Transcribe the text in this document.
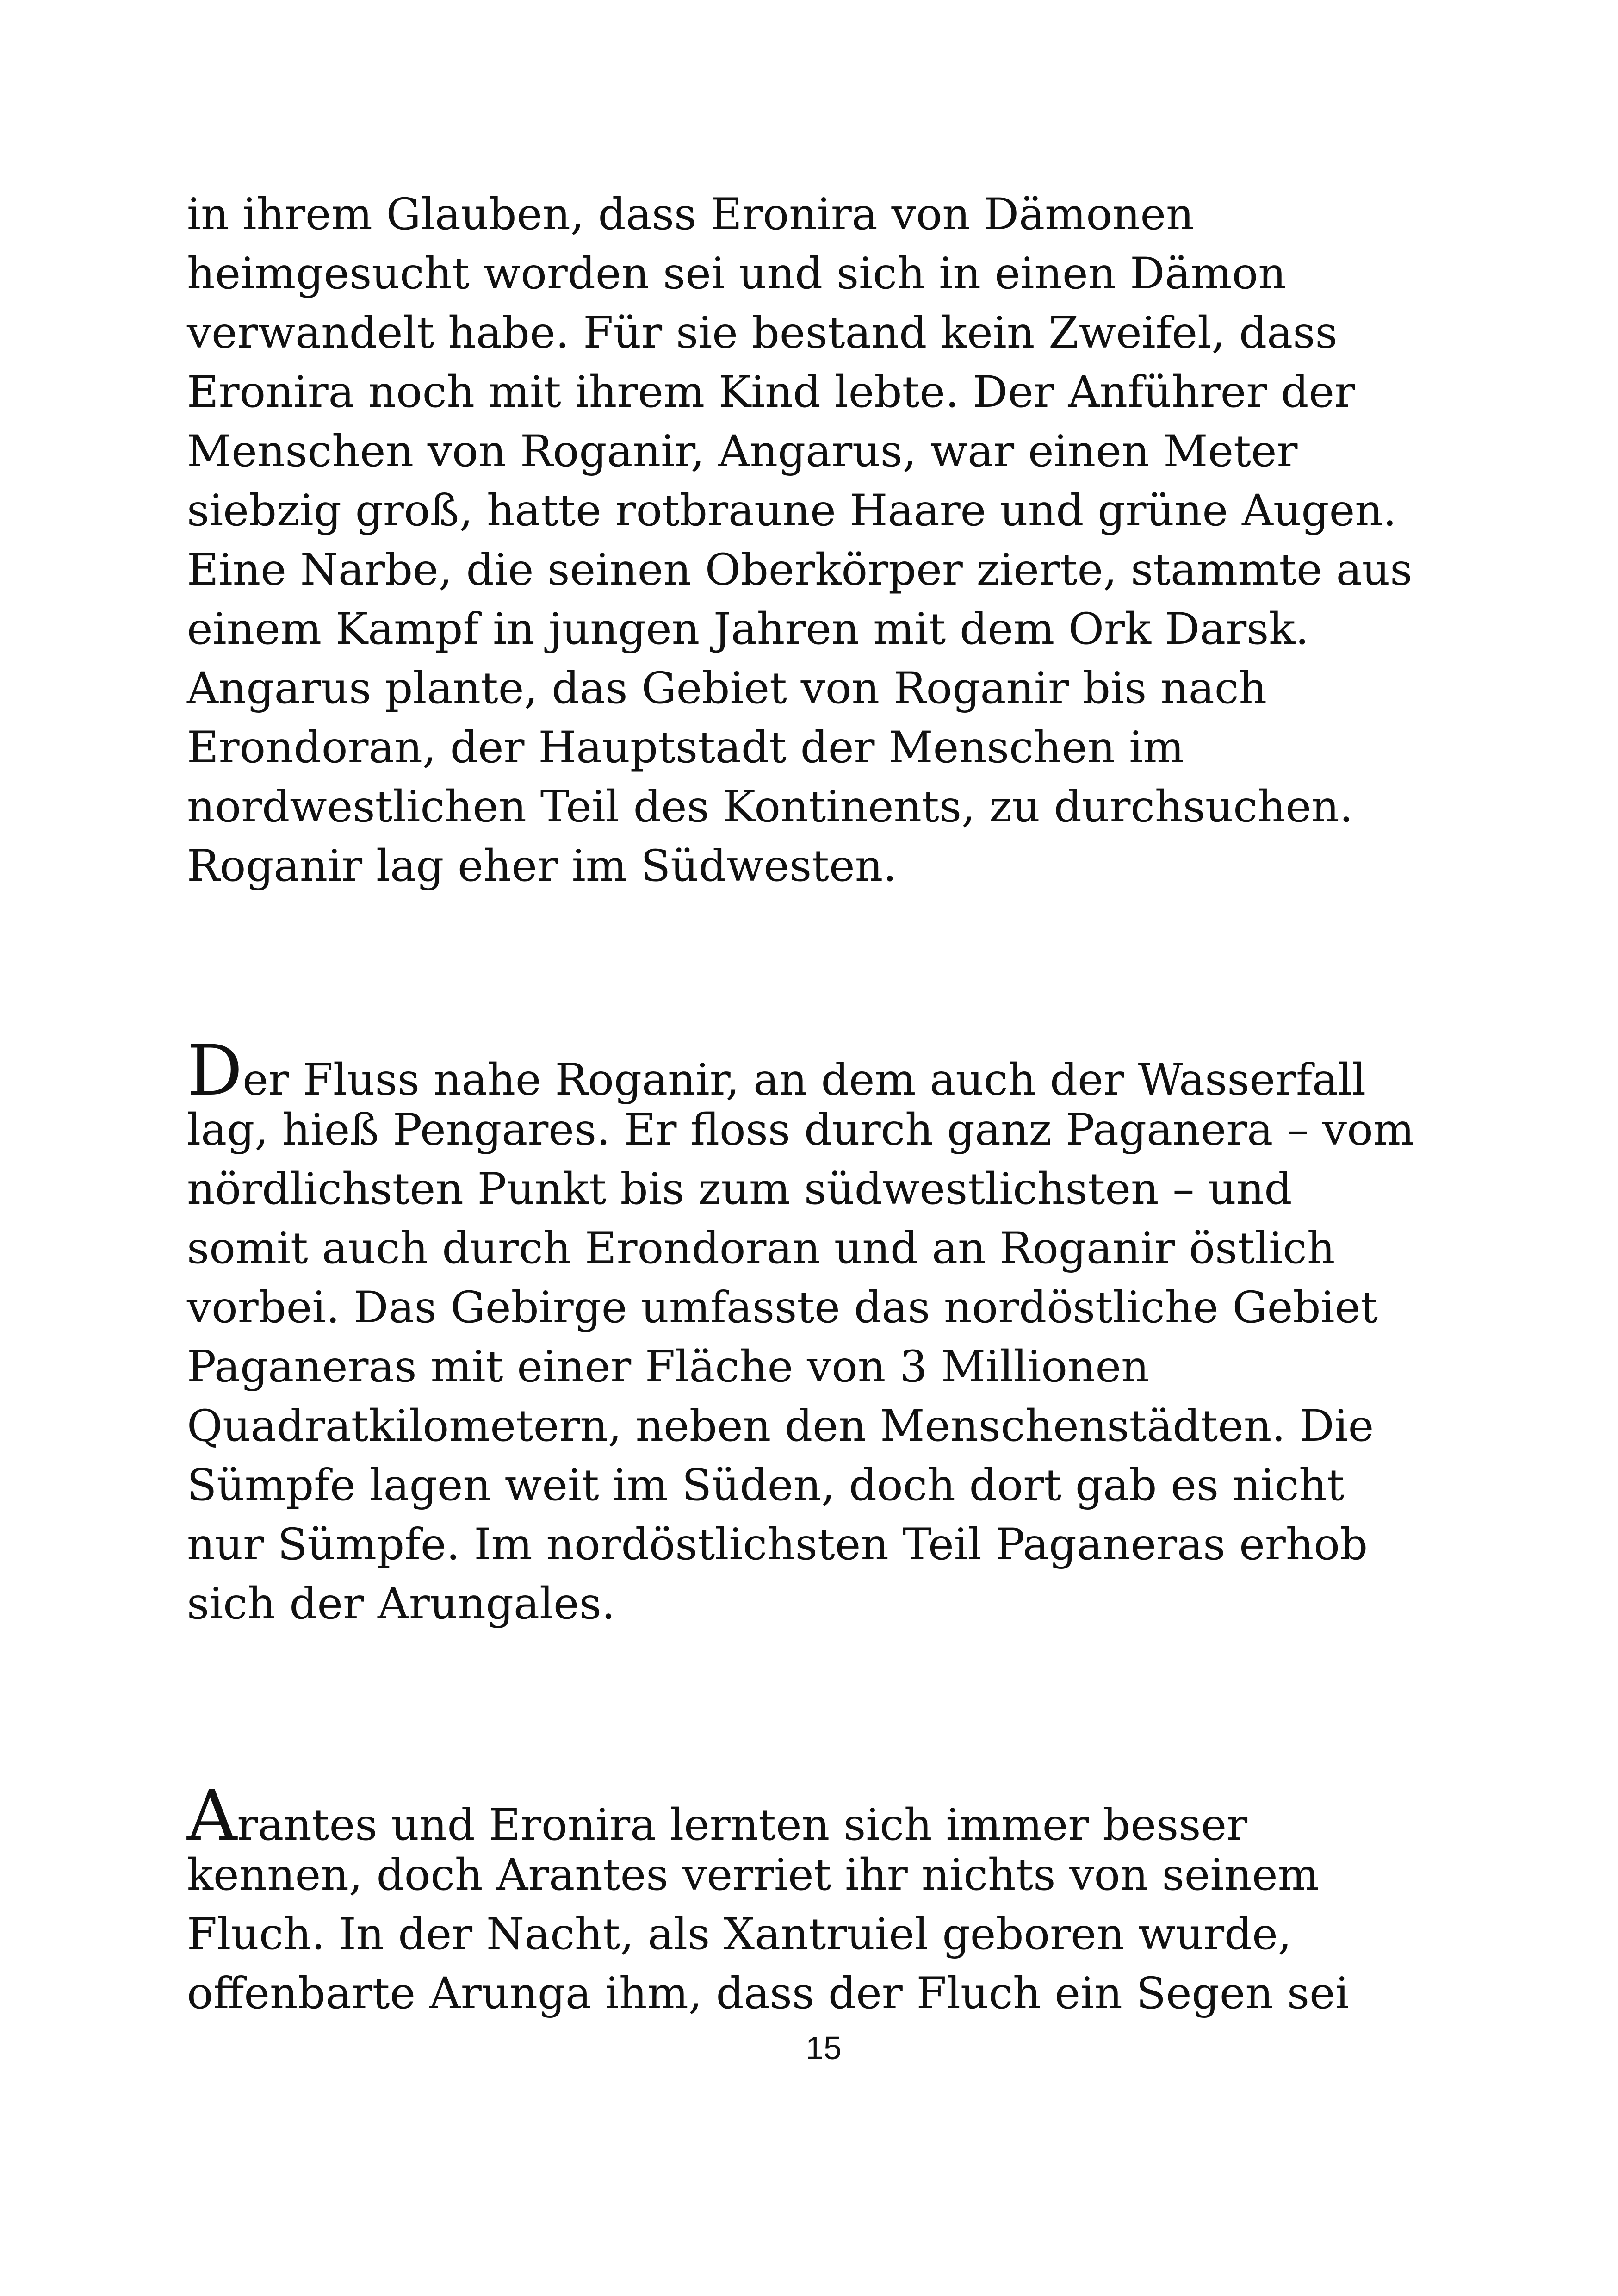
in ihrem Glauben, dass Eronira von Dämonen
heimgesucht worden sei und sich in einen Dämon
verwandelt habe. Für sie bestand kein Zweifel, dass
Eronira noch mit ihrem Kind lebte. Der Anführer der
Menschen von Roganir, Angarus, war einen Meter
siebzig groß, hatte rotbraune Haare und grüne Augen.
Eine Narbe, die seinen Oberkörper zierte, stammte aus
einem Kampf in jungen Jahren mit dem Ork Darsk.
Angarus plante, das Gebiet von Roganir bis nach
Erondoran, der Hauptstadt der Menschen im
nordwestlichen Teil des Kontinents, zu durchsuchen.
Roganir lag eher im Südwesten.
Der Fluss nahe Roganir, an dem auch der Wasserfall
lag, hieß Pengares. Er floss durch ganz Paganera – vom
nördlichsten Punkt bis zum südwestlichsten – und
somit auch durch Erondoran und an Roganir östlich
vorbei. Das Gebirge umfasste das nordöstliche Gebiet
Paganeras mit einer Fläche von 3 Millionen
Quadratkilometern, neben den Menschenstädten. Die
Sümpfe lagen weit im Süden, doch dort gab es nicht
nur Sümpfe. Im nordöstlichsten Teil Paganeras erhob
sich der Arungales.
Arantes und Eronira lernten sich immer besser
kennen, doch Arantes verriet ihr nichts von seinem
Fluch. In der Nacht, als Xantruiel geboren wurde,
offenbarte Arunga ihm, dass der Fluch ein Segen sei
15
